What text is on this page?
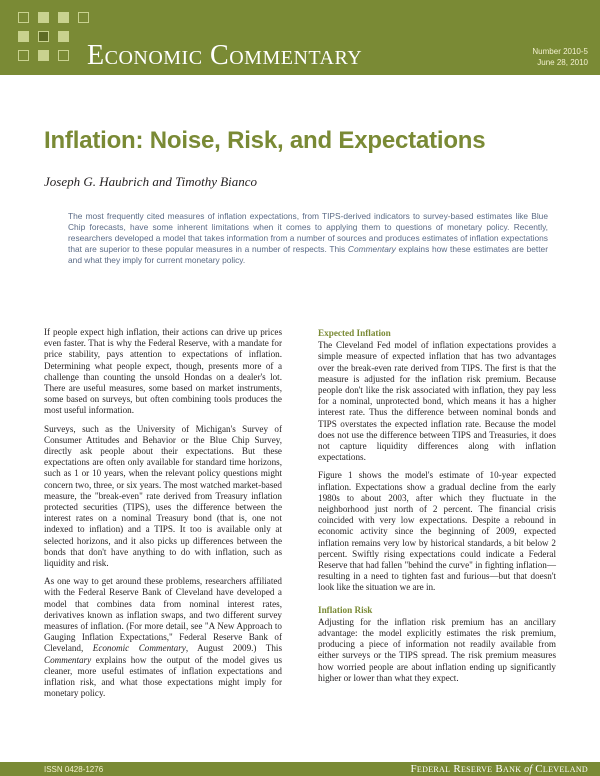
Economic Commentary	Number 2010-5
June 28, 2010
Inflation: Noise, Risk, and Expectations
Joseph G. Haubrich and Timothy Bianco
The most frequently cited measures of inflation expectations, from TIPS-derived indicators to survey-based estimates like Blue Chip forecasts, have some inherent limitations when it comes to applying them to questions of monetary policy. Recently, researchers developed a model that takes information from a number of sources and produces estimates of inflation expectations that are superior to these popular measures in a number of respects. This Commentary explains how these estimates are better and what they imply for current monetary policy.

If people expect high inflation, their actions can drive up prices even faster. That is why the Federal Reserve, with a mandate for price stability, pays attention to expectations of inflation. Determining what people expect, though, presents more of a challenge than counting the unsold Hondas on a dealer's lot. There are useful measures, some based on market instruments, some based on surveys, but often combining tools produces the most useful information.

Surveys, such as the University of Michigan's Survey of Consumer Attitudes and Behavior or the Blue Chip Survey, directly ask people about their expectations. But these expectations are often only available for standard time horizons, such as 1 or 10 years, when the relevant policy questions might concern two, three, or six years. The most watched market-based measure, the "break-even" rate derived from Treasury inflation protected securities (TIPS), uses the difference between the interest rates on a nominal Treasury bond (that is, one not indexed to inflation) and a TIPS. It too is available only at selected horizons, and it also picks up differences between the bonds that don't have anything to do with inflation, such as liquidity and risk.

As one way to get around these problems, researchers affiliated with the Federal Reserve Bank of Cleveland have developed a model that combines data from nominal interest rates, derivatives known as inflation swaps, and two different survey measures of inflation. (For more detail, see "A New Approach to Gauging Inflation Expectations," Federal Reserve Bank of Cleveland, Economic Commentary, August 2009.) This Commentary explains how the output of the model gives us cleaner, more useful estimates of inflation expectations and inflation risk, and what those expectations might imply for monetary policy.

Expected Inflation

The Cleveland Fed model of inflation expectations provides a simple measure of expected inflation that has two advantages over the break-even rate derived from TIPS. The first is that the measure is adjusted for the inflation risk premium. Because people don't like the risk associated with inflation, they pay less for a nominal, unprotected bond, which means it has a higher interest rate. Thus the difference between nominal bonds and TIPS overstates the expected inflation rate. Because the model does not use the difference between TIPS and Treasuries, it does not capture liquidity differences along with inflation expectations.

Figure 1 shows the model's estimate of 10-year expected inflation. Expectations show a gradual decline from the early 1980s to about 2003, after which they fluctuate in the neighborhood just north of 2 percent. The financial crisis coincided with very low expectations. Despite a rebound in economic activity since the beginning of 2009, expected inflation remains very low by historical standards, a bit below 2 percent. Swiftly rising expectations could indicate a Federal Reserve that had fallen "behind the curve" in fighting inflation—resulting in a need to tighten fast and furious—but that doesn't look like the situation we are in.

Inflation Risk

Adjusting for the inflation risk premium has an ancillary advantage: the model explicitly estimates the risk premium, producing a piece of information not readily available from either surveys or the TIPS spread. The risk premium measures how worried people are about inflation ending up significantly higher or lower than what they expect.

ISSN 0428-1276	Federal Reserve Bank of Cleveland
